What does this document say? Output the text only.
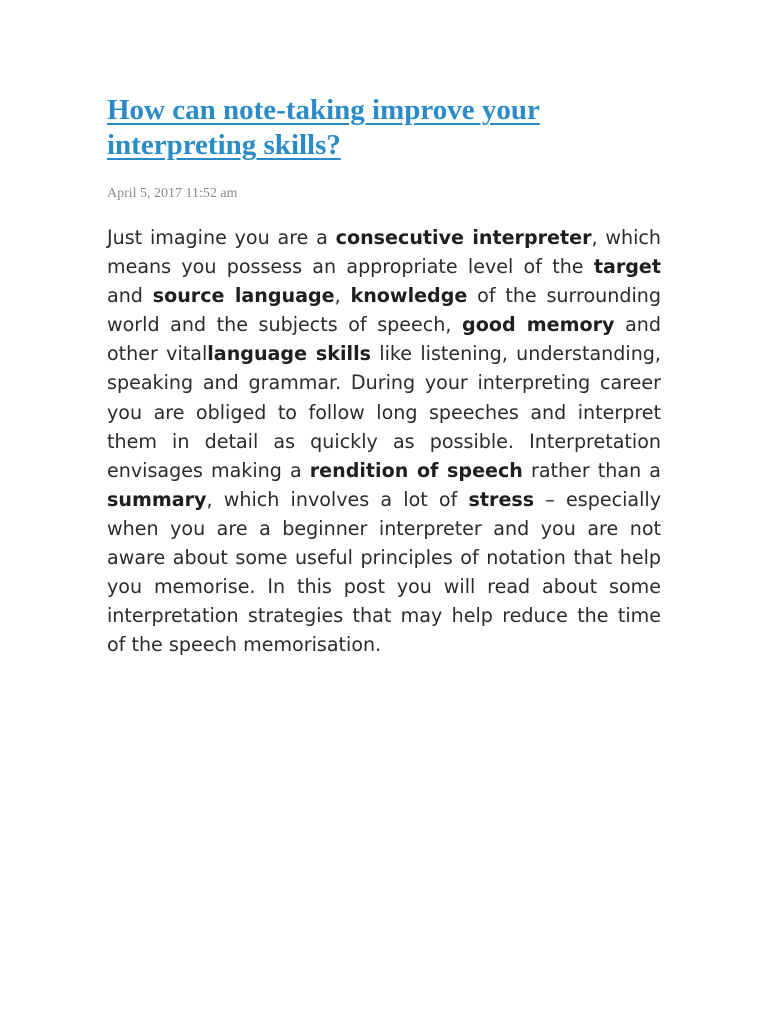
How can note-taking improve your interpreting skills?
April 5, 2017 11:52 am

Just imagine you are a consecutive interpreter, which means you possess an appropriate level of the target and source language, knowledge of the surrounding world and the subjects of speech, good memory and other vitallanguage skills like listening, understanding, speaking and grammar. During your interpreting career you are obliged to follow long speeches and interpret them in detail as quickly as possible. Interpretation envisages making a rendition of speech rather than a summary, which involves a lot of stress – especially when you are a beginner interpreter and you are not aware about some useful principles of notation that help you memorise. In this post you will read about some interpretation strategies that may help reduce the time of the speech memorisation.
